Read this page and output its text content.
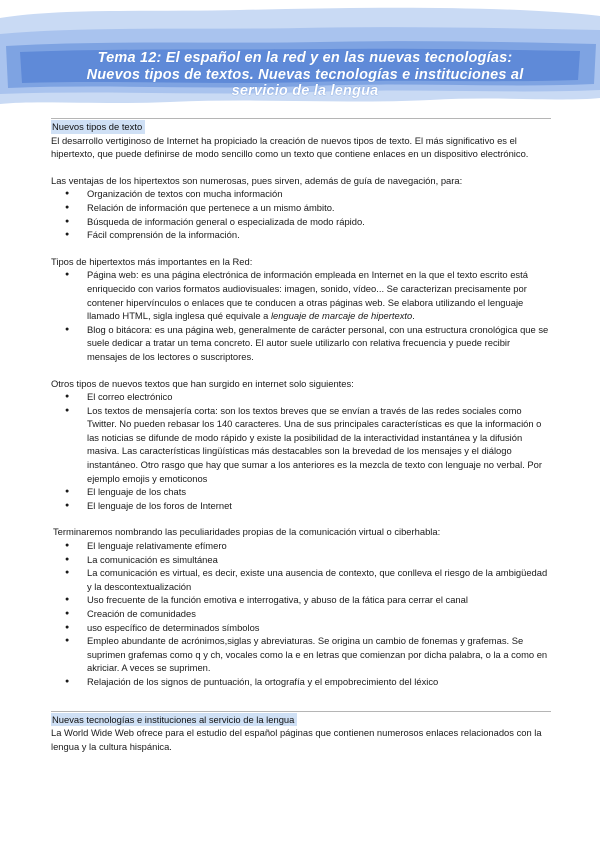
Tema 12: El español en la red y en las nuevas tecnologías:
Nuevos tipos de textos. Nuevas tecnologías e instituciones al
servicio de la lengua
Nuevos tipos de texto

El desarrollo vertiginoso de Internet ha propiciado la creación de nuevos tipos de texto. El más significativo es el hipertexto, que puede definirse de modo sencillo como un texto que contiene enlaces en un dispositivo electrónico.

Las ventajas de los hipertextos son numerosas, pues sirven, además de guía de navegación, para:

● Organización de textos con mucha información
● Relación de información que pertenece a un mismo ámbito.
● Búsqueda de información general o especializada de modo rápido.
● Fácil comprensión de la información.

Tipos de hipertextos más importantes en la Red:

● Página web: es una página electrónica de información empleada en Internet en la que el texto escrito está enriquecido con varios formatos audiovisuales: imagen, sonido, vídeo... Se caracterizan precisamente por contener hipervínculos o enlaces que te conducen a otras páginas web. Se elabora utilizando el lenguaje llamado HTML, sigla inglesa qué equivale a lenguaje de marcaje de hipertexto.
● Blog o bitácora: es una página web, generalmente de carácter personal, con una estructura cronológica que se suele dedicar a tratar un tema concreto. El autor suele utilizarlo con relativa frecuencia y puede recibir mensajes de los lectores o suscriptores.

Otros tipos de nuevos textos que han surgido en internet solo siguientes:

● El correo electrónico
● Los textos de mensajería corta: son los textos breves que se envían a través de las redes sociales como Twitter. No pueden rebasar los 140 caracteres. Una de sus principales características es que la información o las noticias se difunde de modo rápido y existe la posibilidad de la interactividad instantánea y la difusión masiva. Las características lingüísticas más destacables son la brevedad de los mensajes y el diálogo instantáneo. Otro rasgo que hay que sumar a los anteriores es la mezcla de texto con lenguaje no verbal. Por ejemplo emojis y emoticonos
● El lenguaje de los chats
● El lenguaje de los foros de Internet

Terminaremos nombrando las peculiaridades propias de la comunicación virtual o ciberhabla:

● El lenguaje relativamente efímero
● La comunicación es simultánea
● La comunicación es virtual, es decir, existe una ausencia de contexto, que conlleva el riesgo de la ambigüedad y la descontextualización
● Uso frecuente de la función emotiva e interrogativa, y abuso de la fática para cerrar el canal
● Creación de comunidades
● uso específico de determinados símbolos
● Empleo abundante de acrónimos,siglas y abreviaturas. Se origina un cambio de fonemas y grafemas. Se suprimen grafemas como q y ch, vocales como la e en letras que comienzan por dicha palabra, o la a como en akriciar. A veces se suprimen.
● Relajación de los signos de puntuación, la ortografía y el empobrecimiento del léxico
Nuevas tecnologías e instituciones al servicio de la lengua

La World Wide Web ofrece para el estudio del español páginas que contienen numerosos enlaces relacionados con la lengua y la cultura hispánica.
